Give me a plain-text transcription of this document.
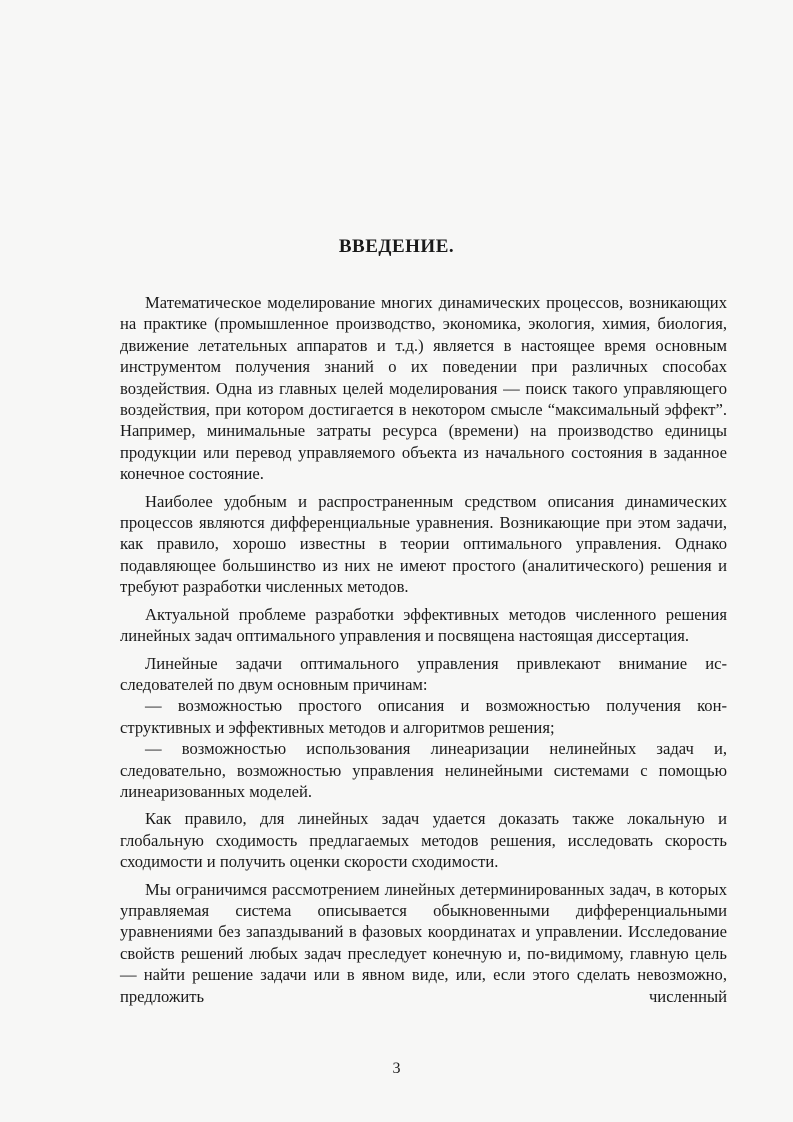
ВВЕДЕНИЕ.

Математическое моделирование многих динамических процессов, возникающих на практике (промышленное производство, экономика, экология, химия, биология, движение летательных аппаратов и т.д.) является в настоящее время основным инструментом получения знаний о их поведении при различных способах воздействия. Одна из главных целей моделирования — поиск такого управляющего воздействия, при котором достигается в некотором смысле “максимальный эффект”. Например, минимальные затраты ресурса (времени) на производство единицы продукции или перевод управляемого объекта из начального состояния в заданное конечное состояние.

Наиболее удобным и распространенным средством описания динамических процессов являются дифференциальные уравнения. Возникающие при этом задачи, как правило, хорошо известны в теории оптимального управления. Однако подавляющее большинство из них не имеют простого (аналитического) решения и требуют разработки численных методов.

Актуальной проблеме разработки эффективных методов численного решения линейных задач оптимального управления и посвящена настоящая диссертация.

Линейные задачи оптимального управления привлекают внимание исследователей по двум основным причинам:

— возможностью простого описания и возможностью получения конструктивных и эффективных методов и алгоритмов решения;

— возможностью использования линеаризации нелинейных задач и, следовательно, возможностью управления нелинейными системами с помощью линеаризованных моделей.

Как правило, для линейных задач удается доказать также локальную и глобальную сходимость предлагаемых методов решения, исследовать скорость сходимости и получить оценки скорости сходимости.

Мы ограничимся рассмотрением линейных детерминированных задач, в которых управляемая система описывается обыкновенными дифференциальными уравнениями без запаздываний в фазовых координатах и управлении. Исследование свойств решений любых задач преследует конечную и, по-видимому, главную цель — найти решение задачи или в явном виде, или, если этого сделать невозможно, предложить численный

3
